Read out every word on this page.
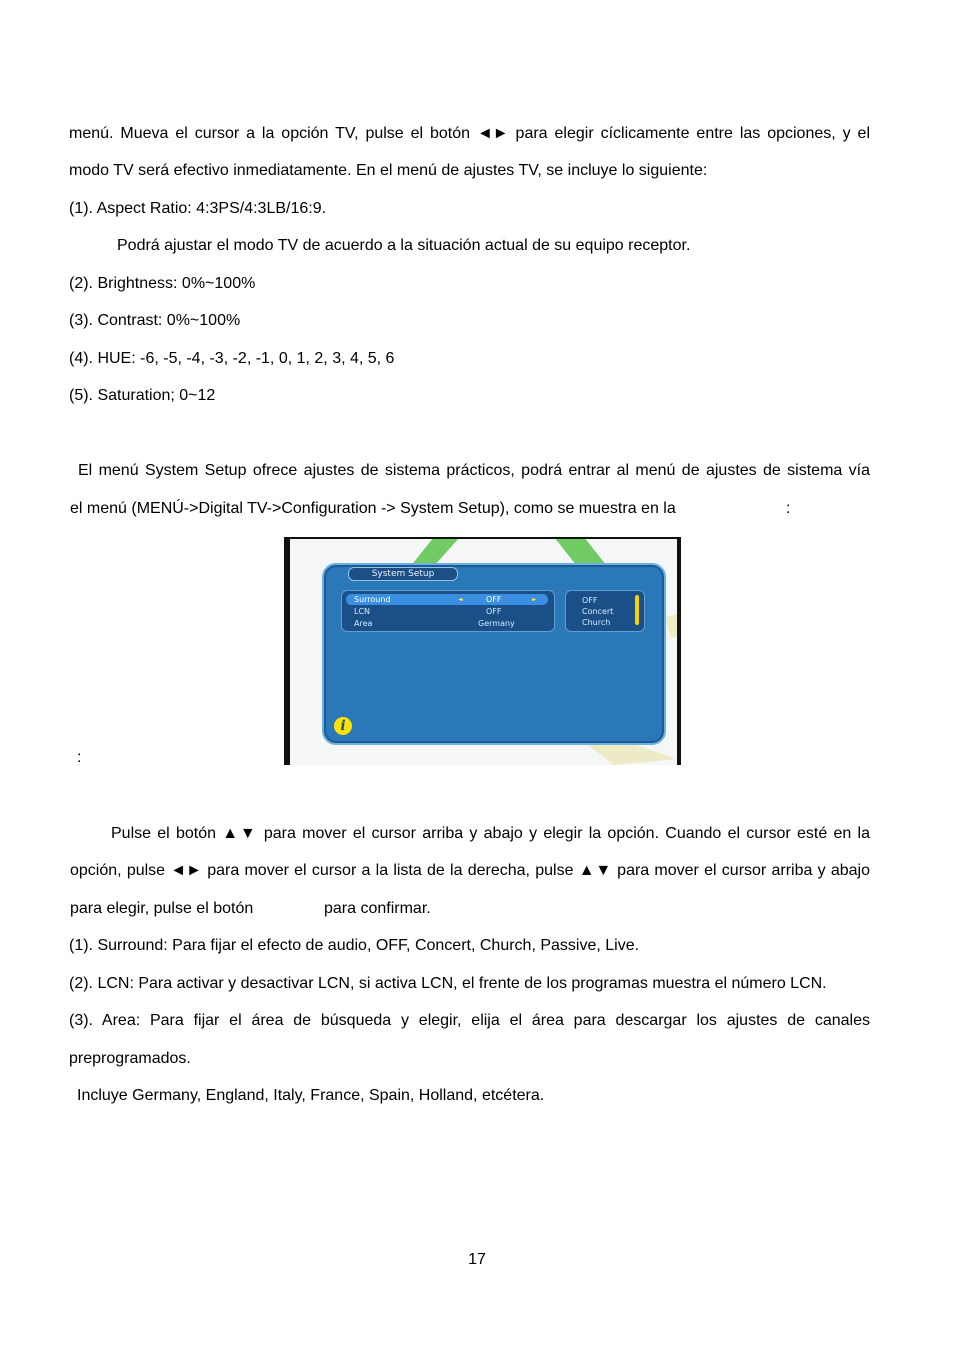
menú. Mueva el cursor a la opción TV, pulse el botón ◄► para elegir cíclicamente entre las opciones, y el
modo TV será efectivo inmediatamente. En el menú de ajustes TV, se incluye lo siguiente:
(1). Aspect Ratio: 4:3PS/4:3LB/16:9.
Podrá ajustar el modo TV de acuerdo a la situación actual de su equipo receptor.
(2). Brightness: 0%~100%
(3). Contrast: 0%~100%
(4). HUE: -6, -5, -4, -3, -2, -1, 0, 1, 2, 3, 4, 5, 6
(5). Saturation; 0~12
El menú System Setup ofrece ajustes de sistema prácticos, podrá entrar al menú de ajustes de sistema vía
el menú (MENÚ->Digital TV->Configuration -> System Setup), como se muestra en la	:
:
System Setup
Surround	◄	OFF	►
LCN	OFF
Area	Germany
OFF
Concert
Church
i
Pulse el botón ▲▼ para mover el cursor arriba y abajo y elegir la opción. Cuando el cursor esté en la
opción, pulse ◄► para mover el cursor a la lista de la derecha, pulse ▲▼ para mover el cursor arriba y abajo
para elegir, pulse el botón	para confirmar.
(1). Surround: Para fijar el efecto de audio, OFF, Concert, Church, Passive, Live.
(2). LCN: Para activar y desactivar LCN, si activa LCN, el frente de los programas muestra el número LCN.
(3). Area: Para fijar el área de búsqueda y elegir, elija el área para descargar los ajustes de canales
preprogramados.
Incluye Germany, England, Italy, France, Spain, Holland, etcétera.
17
